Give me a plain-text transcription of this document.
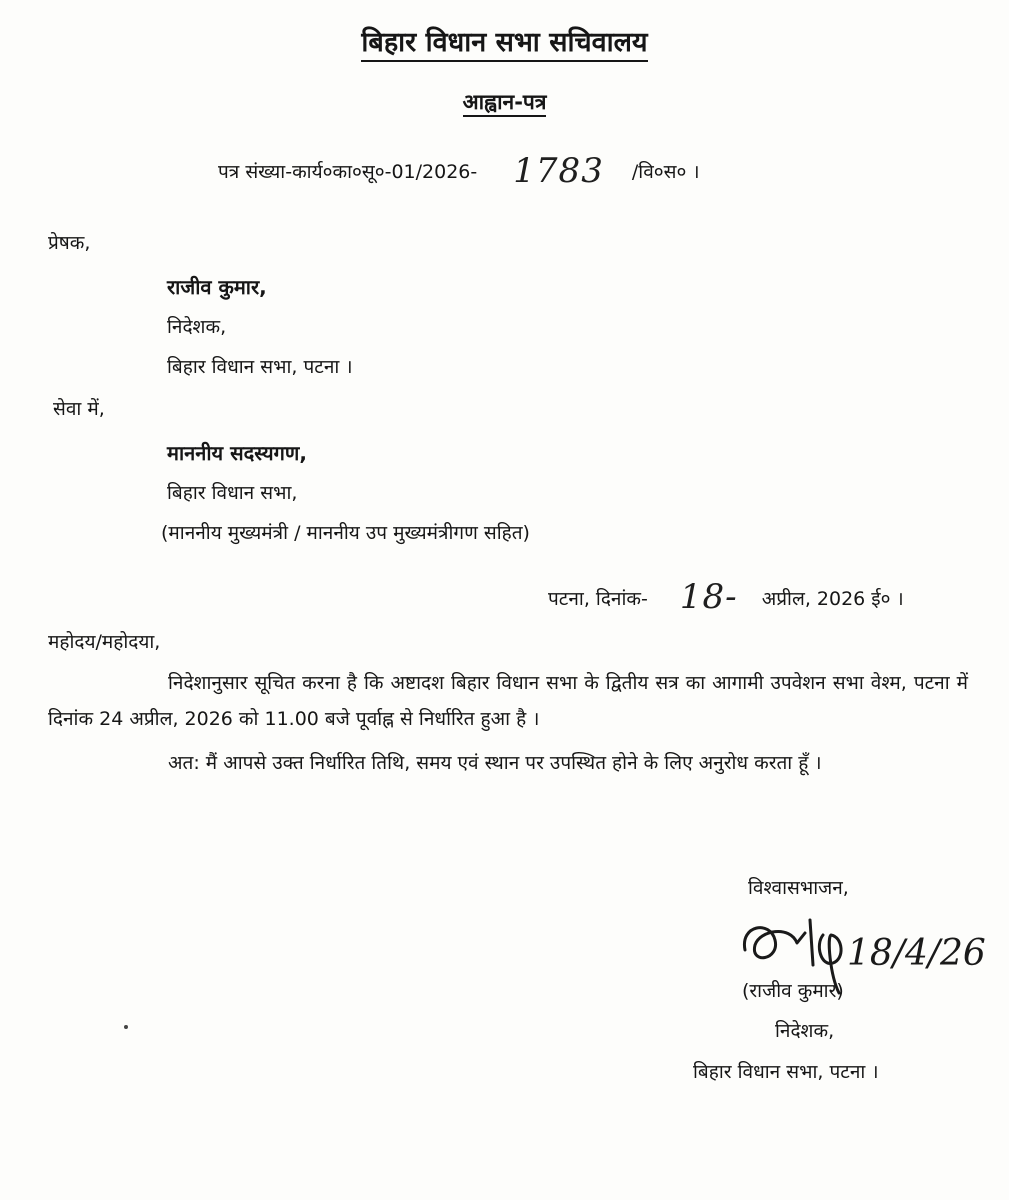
बिहार विधान सभा सचिवालय
आह्वान-पत्र
पत्र संख्या-कार्य०का०सू०-01/2026- 1783 /वि०स० ।
प्रेषक,
राजीव कुमार,
निदेशक,
बिहार विधान सभा, पटना ।
सेवा में,
माननीय सदस्यगण,
बिहार विधान सभा,
(माननीय मुख्यमंत्री / माननीय उप मुख्यमंत्रीगण सहित)
पटना, दिनांक- 18- अप्रील, 2026 ई० ।
महोदय/महोदया,
निदेशानुसार सूचित करना है कि अष्टादश बिहार विधान सभा के द्वितीय सत्र का आगामी उपवेशन सभा वेश्म, पटना में दिनांक 24 अप्रील, 2026 को 11.00 बजे पूर्वाह्न से निर्धारित हुआ है ।
अत: मैं आपसे उक्त निर्धारित तिथि, समय एवं स्थान पर उपस्थित होने के लिए अनुरोध करता हूँ ।
विश्वासभाजन,
18/4/26
(राजीव कुमार)
निदेशक,
बिहार विधान सभा, पटना ।
